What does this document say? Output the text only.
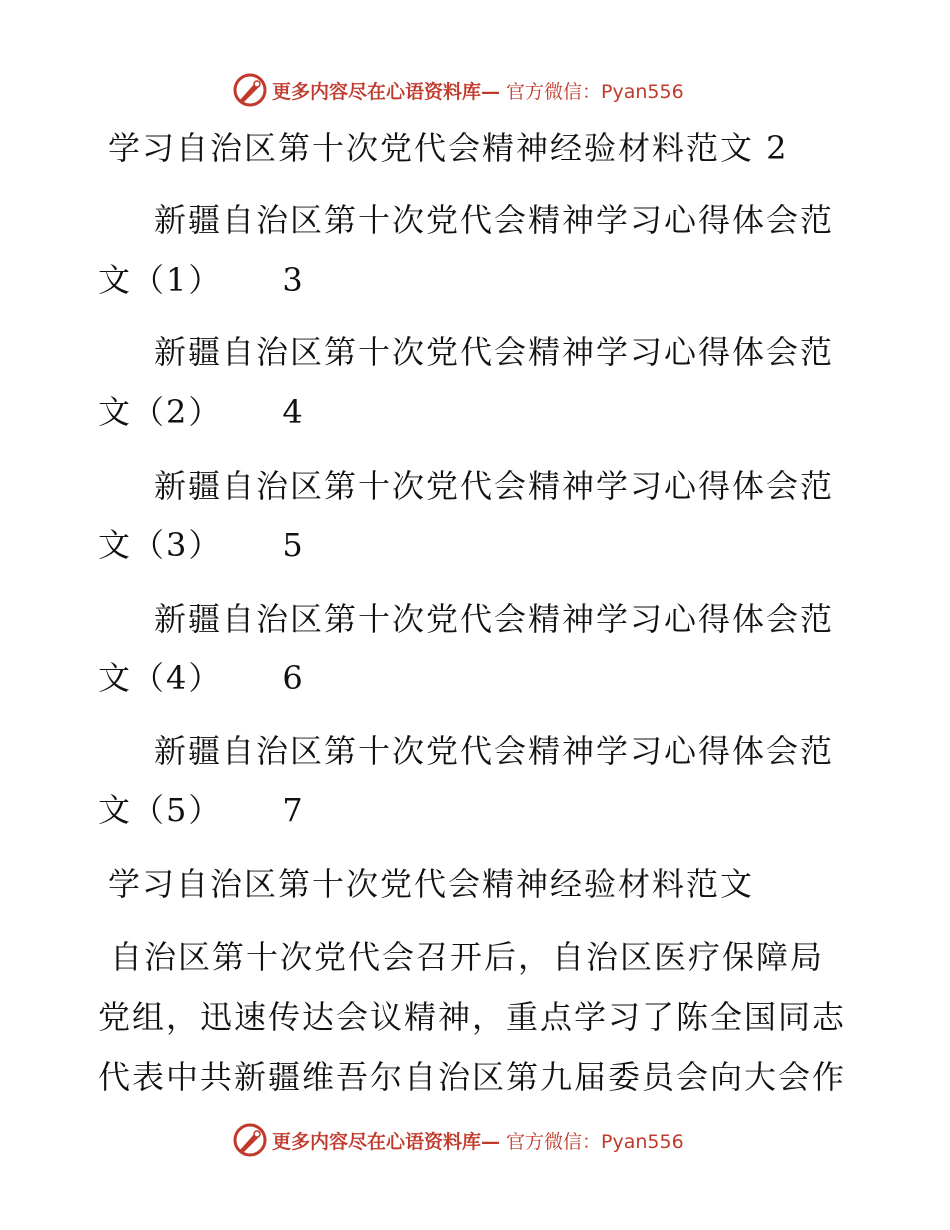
更多内容尽在心语资料库— 官方微信：Pyan556
学习自治区第十次党代会精神经验材料范文 2
新疆自治区第十次党代会精神学习心得体会范
文（1） 3
新疆自治区第十次党代会精神学习心得体会范
文（2） 4
新疆自治区第十次党代会精神学习心得体会范
文（3） 5
新疆自治区第十次党代会精神学习心得体会范
文（4） 6
新疆自治区第十次党代会精神学习心得体会范
文（5） 7
学习自治区第十次党代会精神经验材料范文
自治区第十次党代会召开后，自治区医疗保障局
党组，迅速传达会议精神，重点学习了陈全国同志
代表中共新疆维吾尔自治区第九届委员会向大会作
更多内容尽在心语资料库— 官方微信：Pyan556
